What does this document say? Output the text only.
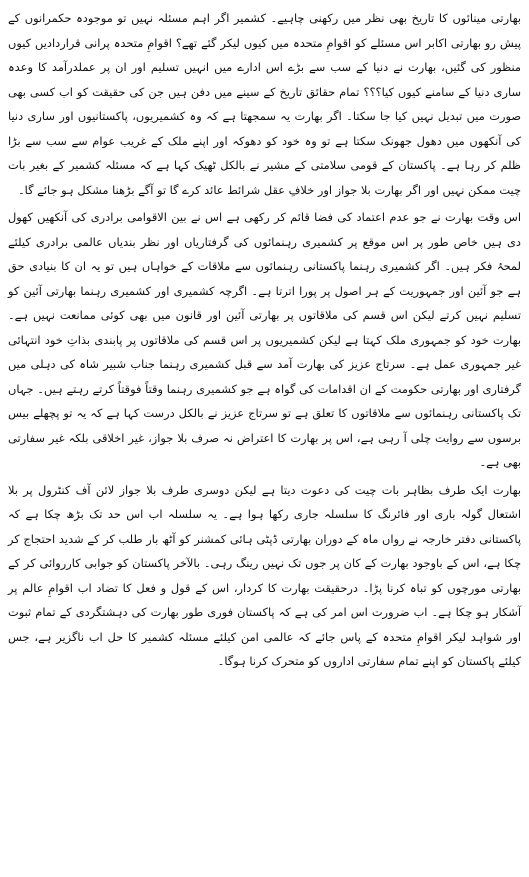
بھارتی مینائوں کا تاریخ بھی نظر میں رکھنی چاہیے۔ کشمیر اگر اہم مسئلہ نہیں تو موجودہ حکمرانوں کے پیش رو بھارتی اکابر اس مسئلے کو اقوامِ متحدہ میں کیوں لیکر گئے تھے؟ اقوامِ متحدہ پرانی قراردادیں کیوں منظور کی گئیں، بھارت نے دنیا کے سب سے بڑے اس ادارے میں انہیں تسلیم اور ان پر عملدرآمد کا وعدہ ساری دنیا کے سامنے کیوں کیا؟؟؟ تمام حقائق تاریخ کے سینے میں دفن ہیں جن کی حقیقت کو اب کسی بھی صورت میں تبدیل نہیں کیا جا سکتا۔ اگر بھارت یہ سمجھتا ہے کہ وہ کشمیریوں، پاکستانیوں اور ساری دنیا کی آنکھوں میں دھول جھونک سکتا ہے تو وہ خود کو دھوکہ اور اپنے ملک کے غریب عوام سے سب سے بڑا ظلم کر رہا ہے۔ پاکستان کے قومی سلامتی کے مشیر نے بالکل ٹھیک کہا ہے کہ مسئلہ کشمیر کے بغیر بات چیت ممکن نہیں اور اگر بھارت بلا جواز اور خلافِ عقل شرائط عائد کرے گا تو آگے بڑھنا مشکل ہو جائے گا۔

اس وقت بھارت نے جو عدم اعتماد کی فضا قائم کر رکھی ہے اس نے بین الاقوامی برادری کی آنکھیں کھول دی ہیں خاص طور پر اس موقع پر کشمیری رہنمائوں کی گرفتاریاں اور نظر بندیاں عالمی برادری کیلئے لمحۂ فکر ہیں۔ اگر کشمیری رہنما پاکستانی رہنمائوں سے ملاقات کے خواہاں ہیں تو یہ ان کا بنیادی حق ہے جو آئین اور جمہوریت کے ہر اصول پر پورا اترتا ہے۔ اگرچہ کشمیری اور کشمیری رہنما بھارتی آئین کو تسلیم نہیں کرتے لیکن اس قسم کی ملاقاتوں پر بھارتی آئین اور قانون میں بھی کوئی ممانعت نہیں ہے۔ بھارت خود کو جمہوری ملک کہتا ہے لیکن کشمیریوں پر اس قسم کی ملاقاتوں پر پابندی بذاتِ خود انتہائی غیر جمہوری عمل ہے۔ سرتاج عزیز کی بھارت آمد سے قبل کشمیری رہنما جناب شبیر شاہ کی دہلی میں گرفتاری اور بھارتی حکومت کے ان اقدامات کی گواہ ہے جو کشمیری رہنما وقتاً فوقتاً کرتے رہتے ہیں۔ جہاں تک پاکستانی رہنمائوں سے ملاقاتوں کا تعلق ہے تو سرتاج عزیز نے بالکل درست کہا ہے کہ یہ تو پچھلے بیس برسوں سے روایت چلی آ رہی ہے، اس پر بھارت کا اعتراض نہ صرف بلا جواز، غیر اخلاقی بلکہ غیر سفارتی بھی ہے۔

بھارت ایک طرف بظاہر بات چیت کی دعوت دیتا ہے لیکن دوسری طرف بلا جواز لائن آف کنٹرول پر بلا اشتعال گولہ باری اور فائرنگ کا سلسلہ جاری رکھا ہوا ہے۔ یہ سلسلہ اب اس حد تک بڑھ چکا ہے کہ پاکستانی دفتر خارجہ نے رواں ماہ کے دوران بھارتی ڈپٹی ہائی کمشنر کو آٹھ بار طلب کر کے شدید احتجاج کر چکا ہے، اس کے باوجود بھارت کے کان پر جوں تک نہیں رینگ رہی۔ بالآخر پاکستان کو جوابی کارروائی کر کے بھارتی مورچوں کو تباہ کرنا پڑا۔ درحقیقت بھارت کا کردار، اس کے قول و فعل کا تضاد اب اقوامِ عالم پر آشکار ہو چکا ہے۔ اب ضرورت اس امر کی ہے کہ پاکستان فوری طور بھارت کی دہشتگردی کے تمام ثبوت اور شواہد لیکر اقوامِ متحدہ کے پاس جائے کہ عالمی امن کیلئے مسئلہ کشمیر کا حل اب ناگزیر ہے، جس کیلئے پاکستان کو اپنے تمام سفارتی اداروں کو متحرک کرنا ہوگا۔
